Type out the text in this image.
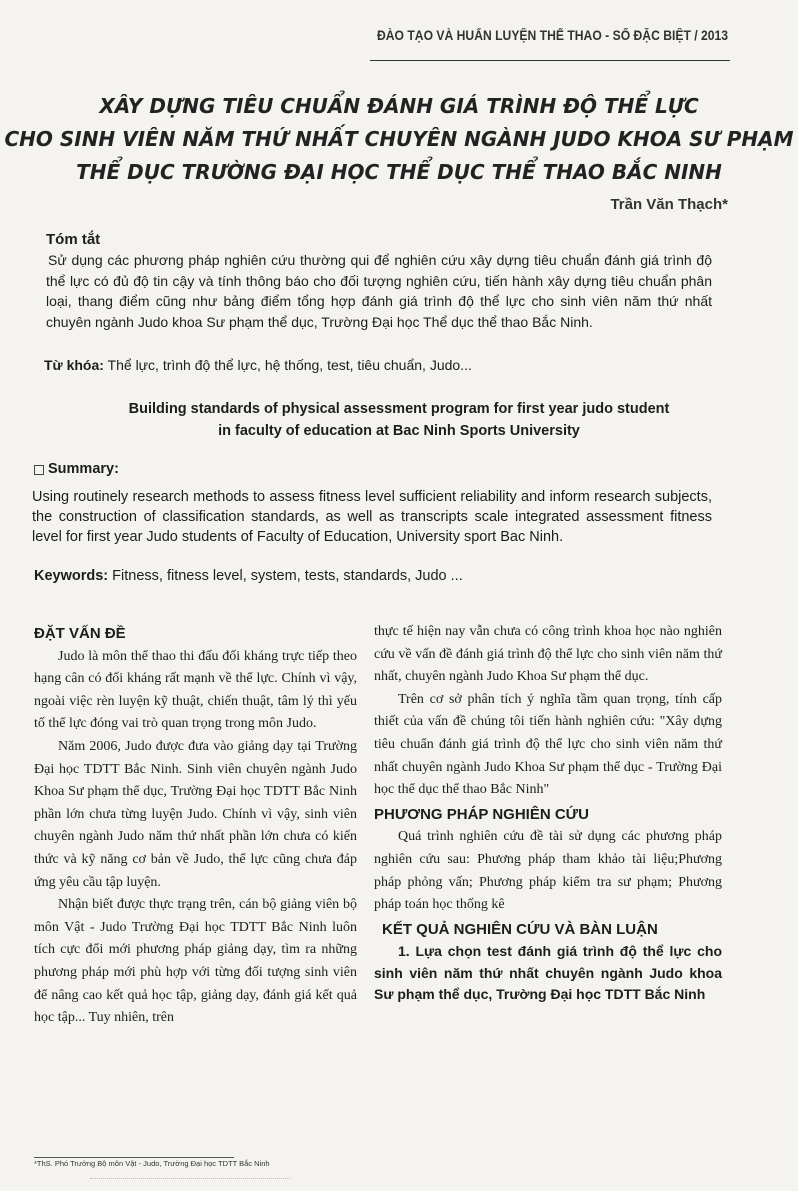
ĐÀO TẠO VÀ HUẤN LUYỆN THỂ THAO - SỐ ĐẶC BIỆT / 2013
XÂY DỰNG TIÊU CHUẨN ĐÁNH GIÁ TRÌNH ĐỘ THỂ LỰC
CHO SINH VIÊN NĂM THỨ NHẤT CHUYÊN NGÀNH JUDO KHOA SƯ PHẠM
THỂ DỤC TRƯỜNG ĐẠI HỌC THỂ DỤC THỂ THAO BẮC NINH
Trần Văn Thạch*
Tóm tắt
Sử dụng các phương pháp nghiên cứu thường qui để nghiên cứu xây dựng tiêu chuẩn đánh giá trình độ thể lực có đủ độ tin cậy và tính thông báo cho đối tượng nghiên cứu, tiến hành xây dựng tiêu chuẩn phân loại, thang điểm cũng như bảng điểm tổng hợp đánh giá trình độ thể lực cho sinh viên năm thứ nhất chuyên ngành Judo khoa Sư phạm thể dục, Trường Đại học Thể dục thể thao Bắc Ninh.
Từ khóa: Thể lực, trình độ thể lực, hệ thống, test, tiêu chuẩn, Judo...
Building standards of physical assessment program for first year judo student
in faculty of education at Bac Ninh Sports University
Summary:
Using routinely research methods to assess fitness level sufficient reliability and inform research subjects, the construction of classification standards, as well as transcripts scale integrated assessment fitness level for first year Judo students of Faculty of Education, University sport Bac Ninh.
Keywords: Fitness, fitness level, system, tests, standards, Judo ...

ĐẶT VẤN ĐỀ

Judo là môn thể thao thi đấu đối kháng trực tiếp theo hạng cân có đối kháng rất mạnh về thể lực. Chính vì vậy, ngoài việc rèn luyện kỹ thuật, chiến thuật, tâm lý thì yếu tố thể lực đóng vai trò quan trọng trong môn Judo.

Năm 2006, Judo được đưa vào giảng dạy tại Trường Đại học TDTT Bắc Ninh. Sinh viên chuyên ngành Judo Khoa Sư phạm thể dục, Trường Đại học TDTT Bắc Ninh phần lớn chưa từng luyện Judo. Chính vì vậy, sinh viên chuyên ngành Judo năm thứ nhất phần lớn chưa có kiến thức và kỹ năng cơ bản về Judo, thể lực cũng chưa đáp ứng yêu cầu tập luyện.

Nhận biết được thực trạng trên, cán bộ giảng viên bộ môn Vật - Judo Trường Đại học TDTT Bắc Ninh luôn tích cực đổi mới phương pháp giảng dạy, tìm ra những phương pháp mới phù hợp với từng đối tượng sinh viên để nâng cao kết quả học tập, giảng dạy, đánh giá kết quả học tập... Tuy nhiên, trên

thực tế hiện nay vẫn chưa có công trình khoa học nào nghiên cứu về vấn đề đánh giá trình độ thể lực cho sinh viên năm thứ nhất, chuyên ngành Judo Khoa Sư phạm thể dục.

Trên cơ sở phân tích ý nghĩa tầm quan trọng, tính cấp thiết của vấn đề chúng tôi tiến hành nghiên cứu: "Xây dựng tiêu chuẩn đánh giá trình độ thể lực cho sinh viên năm thứ nhất chuyên ngành Judo Khoa Sư phạm thể dục - Trường Đại học thể dục thể thao Bắc Ninh"

PHƯƠNG PHÁP NGHIÊN CỨU

Quá trình nghiên cứu đề tài sử dụng các phương pháp nghiên cứu sau: Phương pháp tham khảo tài liệu;Phương pháp phỏng vấn; Phương pháp kiểm tra sư phạm; Phương pháp toán học thống kê

KẾT QUẢ NGHIÊN CỨU VÀ BÀN LUẬN

1. Lựa chọn test đánh giá trình độ thể lực cho sinh viên năm thứ nhất chuyên ngành Judo khoa Sư phạm thể dục, Trường Đại học TDTT Bắc Ninh

*ThS. Phó Trưởng Bộ môn Vật - Judo, Trường Đại học TDTT Bắc Ninh
